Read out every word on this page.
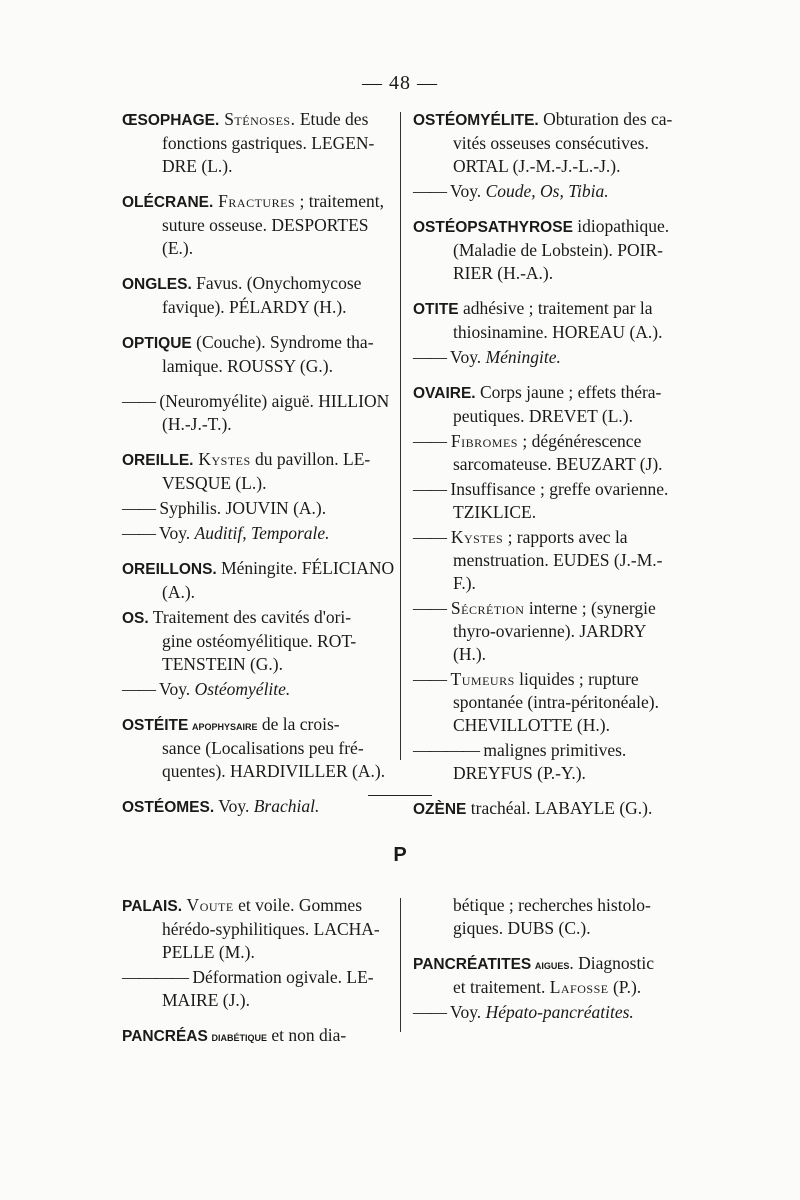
— 48 —
ŒSOPHAGE. Sténoses. Etude des
fonctions gastriques. LEGEN-
DRE (L.).
OLÉCRANE. Fractures ; traitement,
suture osseuse. DESPORTES
(E.).
ONGLES. Favus. (Onychomycose
favique). PÉLARDY (H.).
OPTIQUE (Couche). Syndrome tha-
lamique. ROUSSY (G.).
—— (Neuromyélite) aiguë. HILLION
(H.-J.-T.).
OREILLE. Kystes du pavillon. LE-
VESQUE (L.).
—— Syphilis. JOUVIN (A.).
—— Voy. Auditif, Temporale.
OREILLONS. Méningite. FÉLICIANO
(A.).
OS. Traitement des cavités d'ori-
gine ostéomyélitique. ROT-
TENSTEIN (G.).
—— Voy. Ostéomyélite.
OSTÉITE apophysaire de la crois-
sance (Localisations peu fré-
quentes). HARDIVILLER (A.).
OSTÉOMES. Voy. Brachial.
OSTÉOMYÉLITE. Obturation des ca-
vités osseuses consécutives.
ORTAL (J.-M.-J.-L.-J.).
—— Voy. Coude, Os, Tibia.
OSTÉOPSATHYROSE idiopathique.
(Maladie de Lobstein). POIR-
RIER (H.-A.).
OTITE adhésive ; traitement par la
thiosinamine. HOREAU (A.).
—— Voy. Méningite.
OVAIRE. Corps jaune ; effets théra-
peutiques. DREVET (L.).
—— Fibromes ; dégénérescence
sarcomateuse. BEUZART (J).
—— Insuffisance ; greffe ovarienne.
TZIKLICE.
—— Kystes ; rapports avec la
menstruation. EUDES (J.-M.-
F.).
—— Sécrétion interne ; (synergie
thyro-ovarienne). JARDRY
(H.).
—— Tumeurs liquides ; rupture
spontanée (intra-péritonéale).
CHEVILLOTTE (H.).
———— malignes primitives.
DREYFUS (P.-Y.).
OZÈNE trachéal. LABAYLE (G.).
P
PALAIS. Voute et voile. Gommes
hérédo-syphilitiques. LACHA-
PELLE (M.).
———— Déformation ogivale. LE-
MAIRE (J.).
PANCRÉAS diabétique et non dia-
bétique ; recherches histolo-
giques. DUBS (C.).
PANCRÉATITES aigues. Diagnostic
et traitement. Lafosse (P.).
—— Voy. Hépato-pancréatites.
